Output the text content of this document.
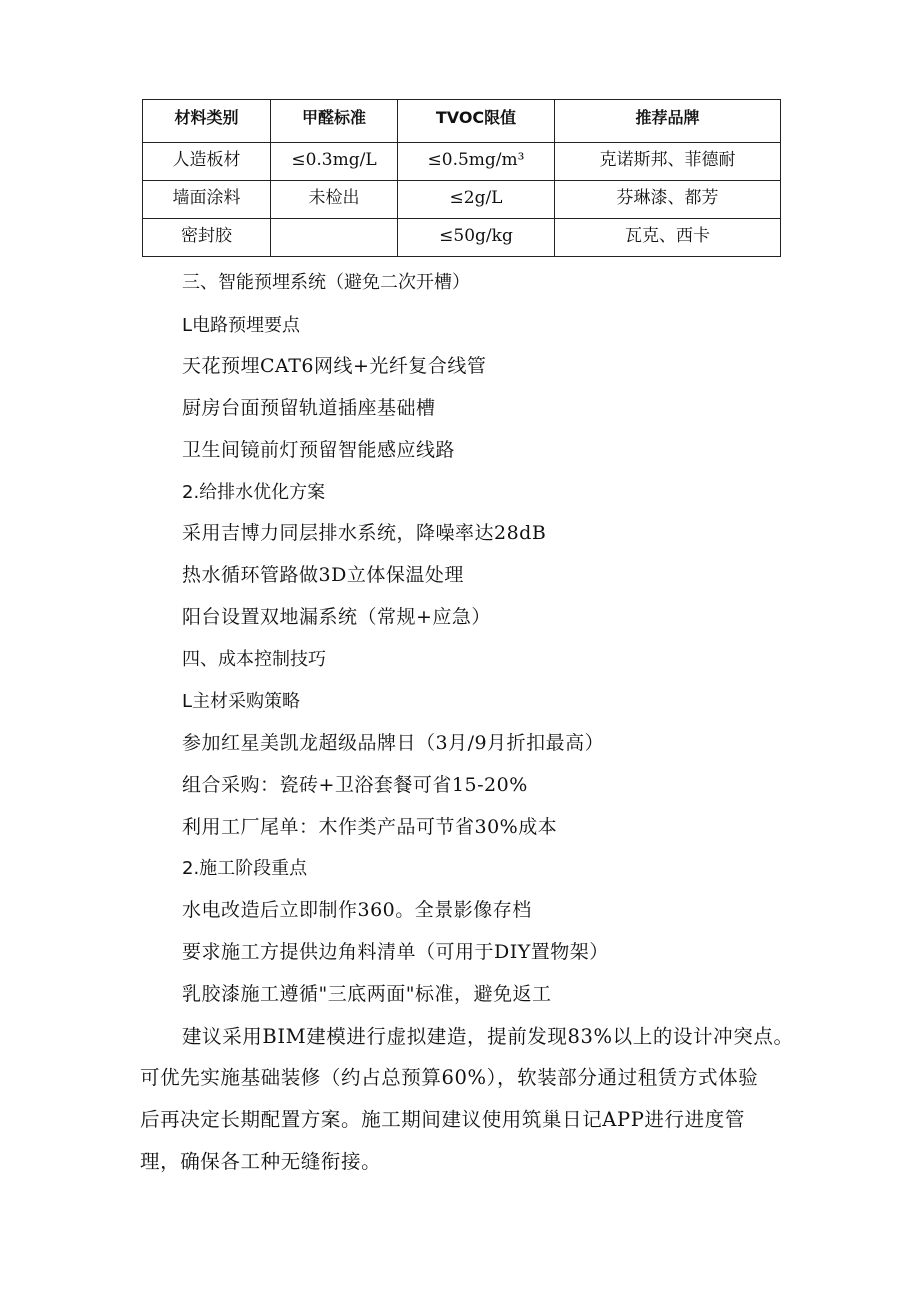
材料类别	甲醛标准	TVOC限值	推荐品牌
人造板材	≤0.3mg/L	≤0.5mg/m³	克诺斯邦、菲德耐
墙面涂料	未检出	≤2g/L	芬琳漆、都芳
密封胶		≤50g/kg	瓦克、西卡
三、智能预埋系统（避免二次开槽）
L电路预埋要点
天花预埋CAT6网线+光纤复合线管
厨房台面预留轨道插座基础槽
卫生间镜前灯预留智能感应线路
2.给排水优化方案
采用吉博力同层排水系统，降噪率达28dB
热水循环管路做3D立体保温处理
阳台设置双地漏系统（常规+应急）
四、成本控制技巧
L主材采购策略
参加红星美凯龙超级品牌日（3月/9月折扣最高）
组合采购：瓷砖+卫浴套餐可省15-20%
利用工厂尾单：木作类产品可节省30%成本
2.施工阶段重点
水电改造后立即制作360。全景影像存档
要求施工方提供边角料清单（可用于DIY置物架）
乳胶漆施工遵循"三底两面"标准，避免返工
建议采用BIM建模进行虚拟建造，提前发现83%以上的设计冲突点。
可优先实施基础装修（约占总预算60%），软装部分通过租赁方式体验
后再决定长期配置方案。施工期间建议使用筑巢日记APP进行进度管
理，确保各工种无缝衔接。
